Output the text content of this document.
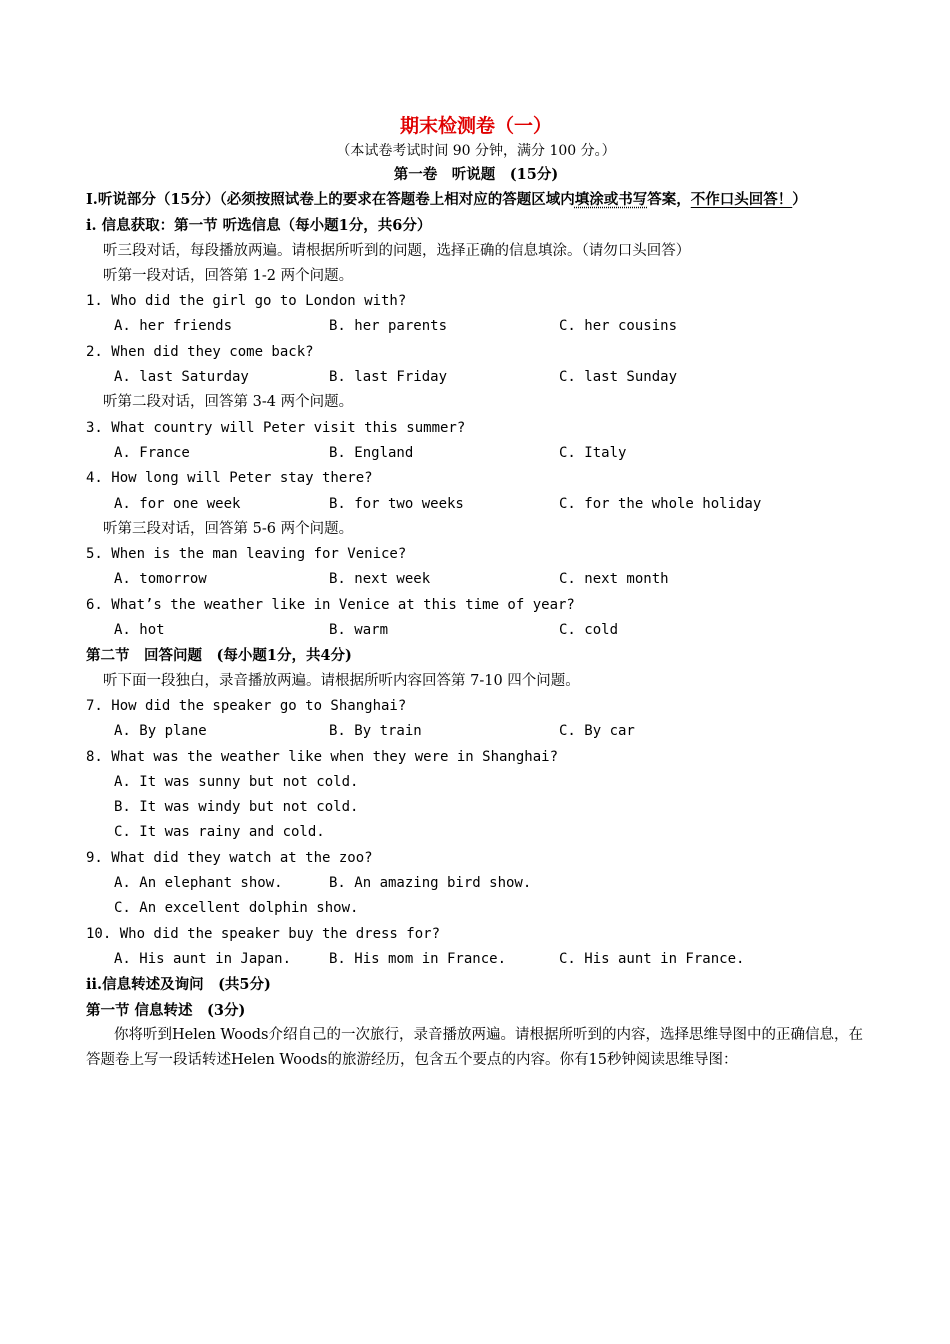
期末检测卷（一）
（本试卷考试时间 90 分钟，满分 100 分。）
第一卷　听说题　(15分)
I.听说部分（15分）（必须按照试卷上的要求在答题卷上相对应的答题区域内填涂或书写答案，不作口头回答！）
i. 信息获取：第一节 听选信息（每小题1分，共6分）
听三段对话，每段播放两遍。请根据所听到的问题，选择正确的信息填涂。（请勿口头回答）
听第一段对话，回答第 1-2 两个问题。
1. Who did the girl go to London with?
A. her friends	B. her parents	C. her cousins
2. When did they come back?
A. last Saturday	B. last Friday	C. last Sunday
听第二段对话，回答第 3-4 两个问题。
3. What country will Peter visit this summer?
A. France	B. England	C. Italy
4. How long will Peter stay there?
A. for one week	B. for two weeks	C. for the whole holiday
听第三段对话，回答第 5-6 两个问题。
5. When is the man leaving for Venice?
A. tomorrow	B. next week	C. next month
6. What’s the weather like in Venice at this time of year?
A. hot	B. warm	C. cold
第二节　回答问题　(每小题1分，共4分)
听下面一段独白，录音播放两遍。请根据所听内容回答第 7-10 四个问题。
7. How did the speaker go to Shanghai?
A. By plane	B. By train	C. By car
8. What was the weather like when they were in Shanghai?
A. It was sunny but not cold.
B. It was windy but not cold.
C. It was rainy and cold.
9. What did they watch at the zoo?
A. An elephant show.	B. An amazing bird show.
C. An excellent dolphin show.
10. Who did the speaker buy the dress for?
A. His aunt in Japan.	B. His mom in France.	C. His aunt in France.
ii.信息转述及询问　(共5分)
第一节 信息转述　(3分)
你将听到Helen Woods介绍自己的一次旅行，录音播放两遍。请根据所听到的内容，选择思维导图中的正确信息，在答题卷上写一段话转述Helen Woods的旅游经历，包含五个要点的内容。你有15秒钟阅读思维导图：
